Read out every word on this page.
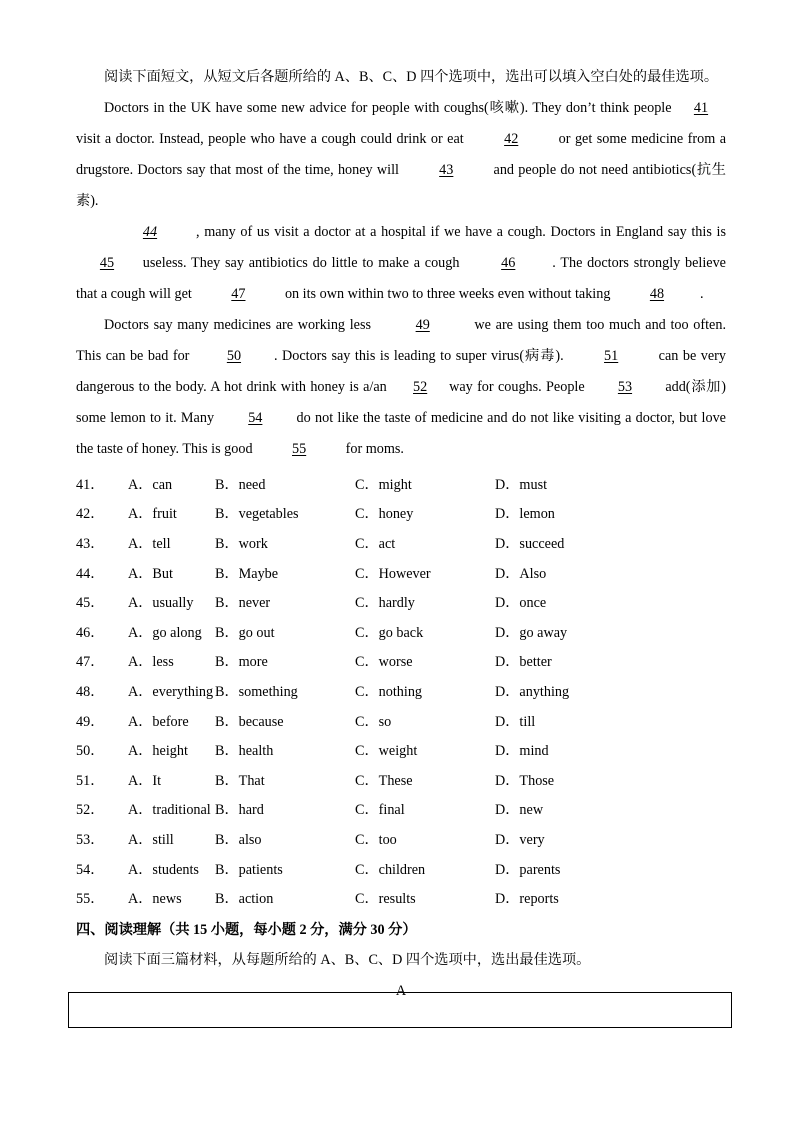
阅读下面短文，从短文后各题所给的 A、B、C、D 四个选项中，选出可以填入空白处的最佳选项。

Doctors in the UK have some new advice for people with coughs(咳嗽). They don’t think people 41 visit a doctor. Instead, people who have a cough could drink or eat	42	or get some medicine from a drugstore. Doctors say that most of the time, honey will	43	and people do not need antibiotics(抗生素).

44	, many of us visit a doctor at a hospital if we have a cough. Doctors in England say this is 45 useless. They say antibiotics do little to make a cough	46	. The doctors strongly believe that a cough will get	47	on its own within two to three weeks even without taking	48	.

Doctors say many medicines are working less	49	we are using them too much and too often. This can be bad for 50 . Doctors say this is leading to super virus(病毒).	51	can be very dangerous to the body. A hot drink with honey is a/an 52 way for coughs. People 53 add(添加) some lemon to it. Many 54 do not like the taste of medicine and do not like visiting a doctor, but love the taste of honey. This is good	55	for moms.

41．	A．can	B．need	C．might	D．must
42．	A．fruit	B．vegetables	C．honey	D．lemon
43．	A．tell	B．work	C．act	D．succeed
44．	A．But	B．Maybe	C．However	D．Also
45．	A．usually	B．never	C．hardly	D．once
46．	A．go along B．go out	C．go back	D．go away
47．	A．less	B．more	C．worse	D．better
48．	A．everything B．something	C．nothing	D．anything
49．	A．before	B．because	C．so	D．till
50．	A．height	B．health	C．weight	D．mind
51．	A．It	B．That	C．These	D．Those
52．	A．traditional B．hard	C．final	D．new
53．	A．still	B．also	C．too	D．very
54．	A．students	B．patients	C．children	D．parents
55．	A．news	B．action	C．results	D．reports
四、阅读理解（共 15 小题，每小题 2 分，满分 30 分）

阅读下面三篇材料，从每题所给的 A、B、C、D 四个选项中，选出最佳选项。

A
